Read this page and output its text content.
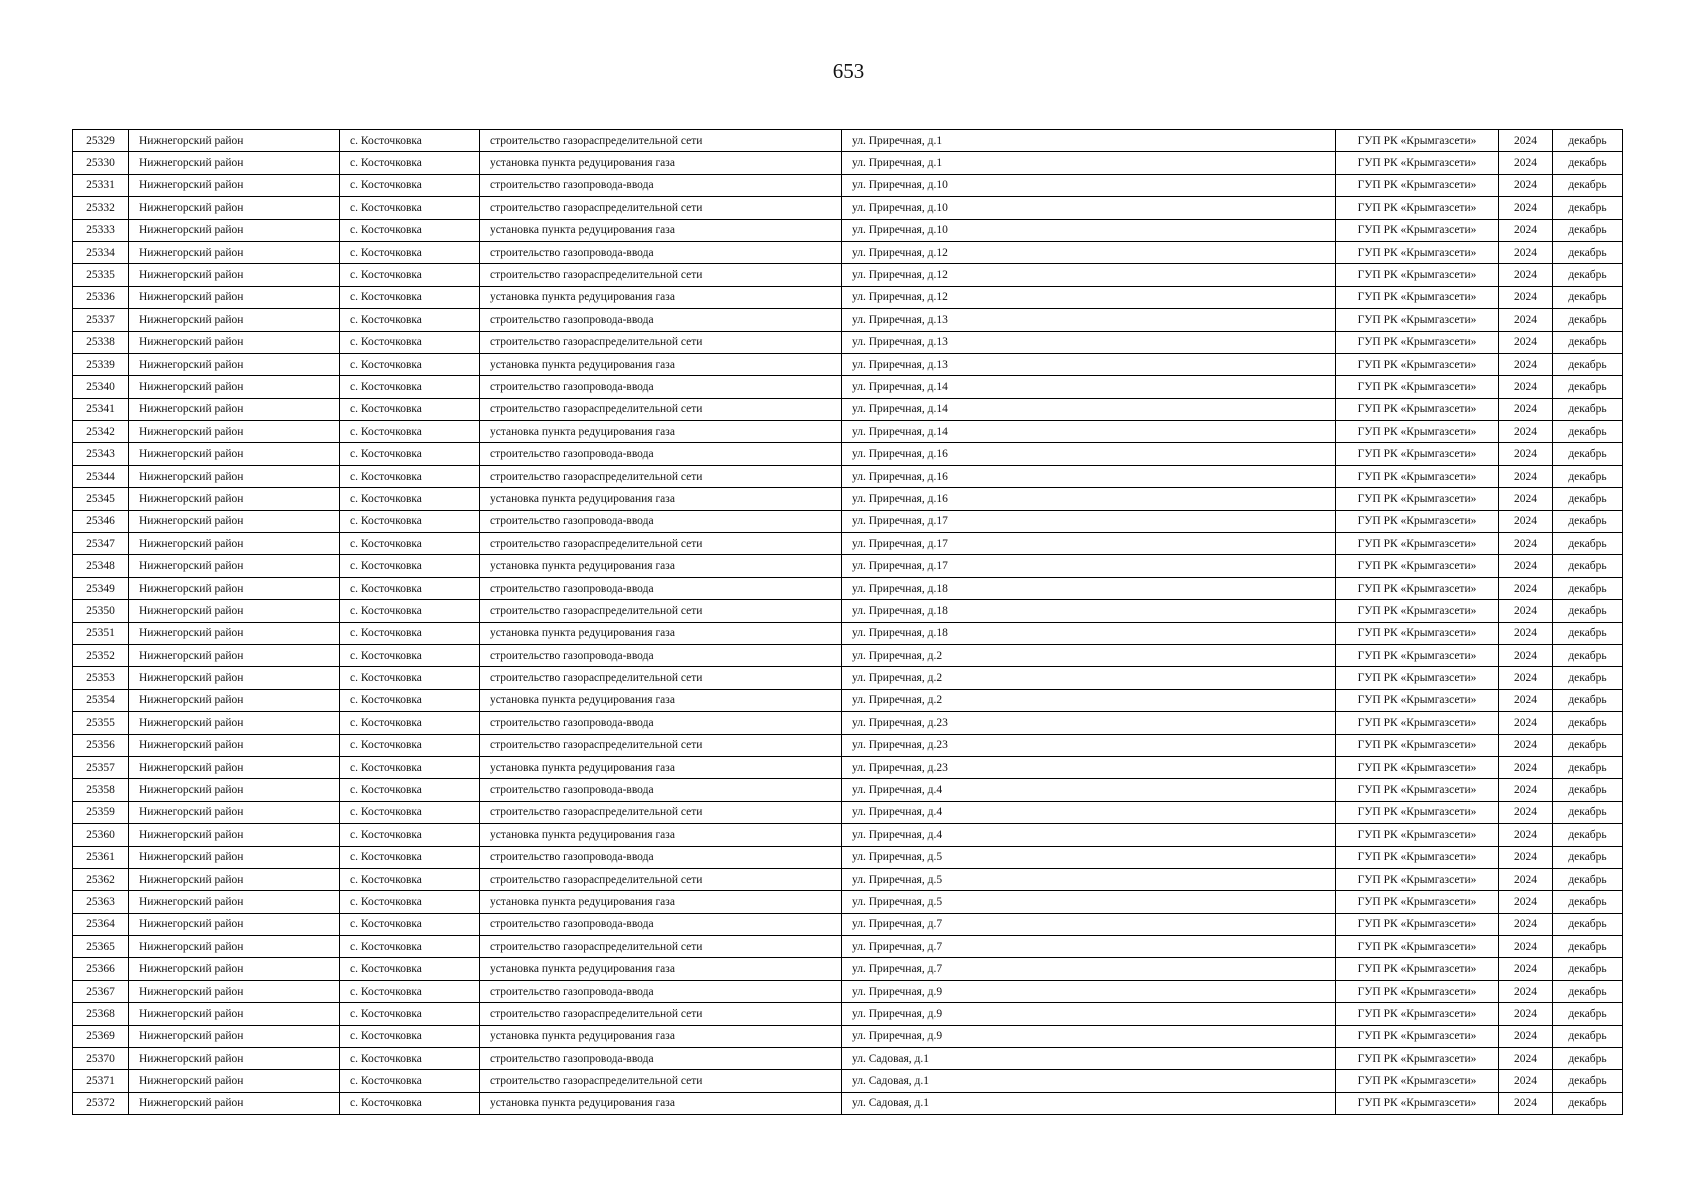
653
25329	Нижнегорский район	с. Косточковка	строительство газораспределительной сети	ул. Приречная, д.1	ГУП РК «Крымгазсети»	2024	декабрь
25330	Нижнегорский район	с. Косточковка	установка пункта редуцирования газа	ул. Приречная, д.1	ГУП РК «Крымгазсети»	2024	декабрь
25331	Нижнегорский район	с. Косточковка	строительство газопровода-ввода	ул. Приречная, д.10	ГУП РК «Крымгазсети»	2024	декабрь
25332	Нижнегорский район	с. Косточковка	строительство газораспределительной сети	ул. Приречная, д.10	ГУП РК «Крымгазсети»	2024	декабрь
25333	Нижнегорский район	с. Косточковка	установка пункта редуцирования газа	ул. Приречная, д.10	ГУП РК «Крымгазсети»	2024	декабрь
25334	Нижнегорский район	с. Косточковка	строительство газопровода-ввода	ул. Приречная, д.12	ГУП РК «Крымгазсети»	2024	декабрь
25335	Нижнегорский район	с. Косточковка	строительство газораспределительной сети	ул. Приречная, д.12	ГУП РК «Крымгазсети»	2024	декабрь
25336	Нижнегорский район	с. Косточковка	установка пункта редуцирования газа	ул. Приречная, д.12	ГУП РК «Крымгазсети»	2024	декабрь
25337	Нижнегорский район	с. Косточковка	строительство газопровода-ввода	ул. Приречная, д.13	ГУП РК «Крымгазсети»	2024	декабрь
25338	Нижнегорский район	с. Косточковка	строительство газораспределительной сети	ул. Приречная, д.13	ГУП РК «Крымгазсети»	2024	декабрь
25339	Нижнегорский район	с. Косточковка	установка пункта редуцирования газа	ул. Приречная, д.13	ГУП РК «Крымгазсети»	2024	декабрь
25340	Нижнегорский район	с. Косточковка	строительство газопровода-ввода	ул. Приречная, д.14	ГУП РК «Крымгазсети»	2024	декабрь
25341	Нижнегорский район	с. Косточковка	строительство газораспределительной сети	ул. Приречная, д.14	ГУП РК «Крымгазсети»	2024	декабрь
25342	Нижнегорский район	с. Косточковка	установка пункта редуцирования газа	ул. Приречная, д.14	ГУП РК «Крымгазсети»	2024	декабрь
25343	Нижнегорский район	с. Косточковка	строительство газопровода-ввода	ул. Приречная, д.16	ГУП РК «Крымгазсети»	2024	декабрь
25344	Нижнегорский район	с. Косточковка	строительство газораспределительной сети	ул. Приречная, д.16	ГУП РК «Крымгазсети»	2024	декабрь
25345	Нижнегорский район	с. Косточковка	установка пункта редуцирования газа	ул. Приречная, д.16	ГУП РК «Крымгазсети»	2024	декабрь
25346	Нижнегорский район	с. Косточковка	строительство газопровода-ввода	ул. Приречная, д.17	ГУП РК «Крымгазсети»	2024	декабрь
25347	Нижнегорский район	с. Косточковка	строительство газораспределительной сети	ул. Приречная, д.17	ГУП РК «Крымгазсети»	2024	декабрь
25348	Нижнегорский район	с. Косточковка	установка пункта редуцирования газа	ул. Приречная, д.17	ГУП РК «Крымгазсети»	2024	декабрь
25349	Нижнегорский район	с. Косточковка	строительство газопровода-ввода	ул. Приречная, д.18	ГУП РК «Крымгазсети»	2024	декабрь
25350	Нижнегорский район	с. Косточковка	строительство газораспределительной сети	ул. Приречная, д.18	ГУП РК «Крымгазсети»	2024	декабрь
25351	Нижнегорский район	с. Косточковка	установка пункта редуцирования газа	ул. Приречная, д.18	ГУП РК «Крымгазсети»	2024	декабрь
25352	Нижнегорский район	с. Косточковка	строительство газопровода-ввода	ул. Приречная, д.2	ГУП РК «Крымгазсети»	2024	декабрь
25353	Нижнегорский район	с. Косточковка	строительство газораспределительной сети	ул. Приречная, д.2	ГУП РК «Крымгазсети»	2024	декабрь
25354	Нижнегорский район	с. Косточковка	установка пункта редуцирования газа	ул. Приречная, д.2	ГУП РК «Крымгазсети»	2024	декабрь
25355	Нижнегорский район	с. Косточковка	строительство газопровода-ввода	ул. Приречная, д.23	ГУП РК «Крымгазсети»	2024	декабрь
25356	Нижнегорский район	с. Косточковка	строительство газораспределительной сети	ул. Приречная, д.23	ГУП РК «Крымгазсети»	2024	декабрь
25357	Нижнегорский район	с. Косточковка	установка пункта редуцирования газа	ул. Приречная, д.23	ГУП РК «Крымгазсети»	2024	декабрь
25358	Нижнегорский район	с. Косточковка	строительство газопровода-ввода	ул. Приречная, д.4	ГУП РК «Крымгазсети»	2024	декабрь
25359	Нижнегорский район	с. Косточковка	строительство газораспределительной сети	ул. Приречная, д.4	ГУП РК «Крымгазсети»	2024	декабрь
25360	Нижнегорский район	с. Косточковка	установка пункта редуцирования газа	ул. Приречная, д.4	ГУП РК «Крымгазсети»	2024	декабрь
25361	Нижнегорский район	с. Косточковка	строительство газопровода-ввода	ул. Приречная, д.5	ГУП РК «Крымгазсети»	2024	декабрь
25362	Нижнегорский район	с. Косточковка	строительство газораспределительной сети	ул. Приречная, д.5	ГУП РК «Крымгазсети»	2024	декабрь
25363	Нижнегорский район	с. Косточковка	установка пункта редуцирования газа	ул. Приречная, д.5	ГУП РК «Крымгазсети»	2024	декабрь
25364	Нижнегорский район	с. Косточковка	строительство газопровода-ввода	ул. Приречная, д.7	ГУП РК «Крымгазсети»	2024	декабрь
25365	Нижнегорский район	с. Косточковка	строительство газораспределительной сети	ул. Приречная, д.7	ГУП РК «Крымгазсети»	2024	декабрь
25366	Нижнегорский район	с. Косточковка	установка пункта редуцирования газа	ул. Приречная, д.7	ГУП РК «Крымгазсети»	2024	декабрь
25367	Нижнегорский район	с. Косточковка	строительство газопровода-ввода	ул. Приречная, д.9	ГУП РК «Крымгазсети»	2024	декабрь
25368	Нижнегорский район	с. Косточковка	строительство газораспределительной сети	ул. Приречная, д.9	ГУП РК «Крымгазсети»	2024	декабрь
25369	Нижнегорский район	с. Косточковка	установка пункта редуцирования газа	ул. Приречная, д.9	ГУП РК «Крымгазсети»	2024	декабрь
25370	Нижнегорский район	с. Косточковка	строительство газопровода-ввода	ул. Садовая, д.1	ГУП РК «Крымгазсети»	2024	декабрь
25371	Нижнегорский район	с. Косточковка	строительство газораспределительной сети	ул. Садовая, д.1	ГУП РК «Крымгазсети»	2024	декабрь
25372	Нижнегорский район	с. Косточковка	установка пункта редуцирования газа	ул. Садовая, д.1	ГУП РК «Крымгазсети»	2024	декабрь
